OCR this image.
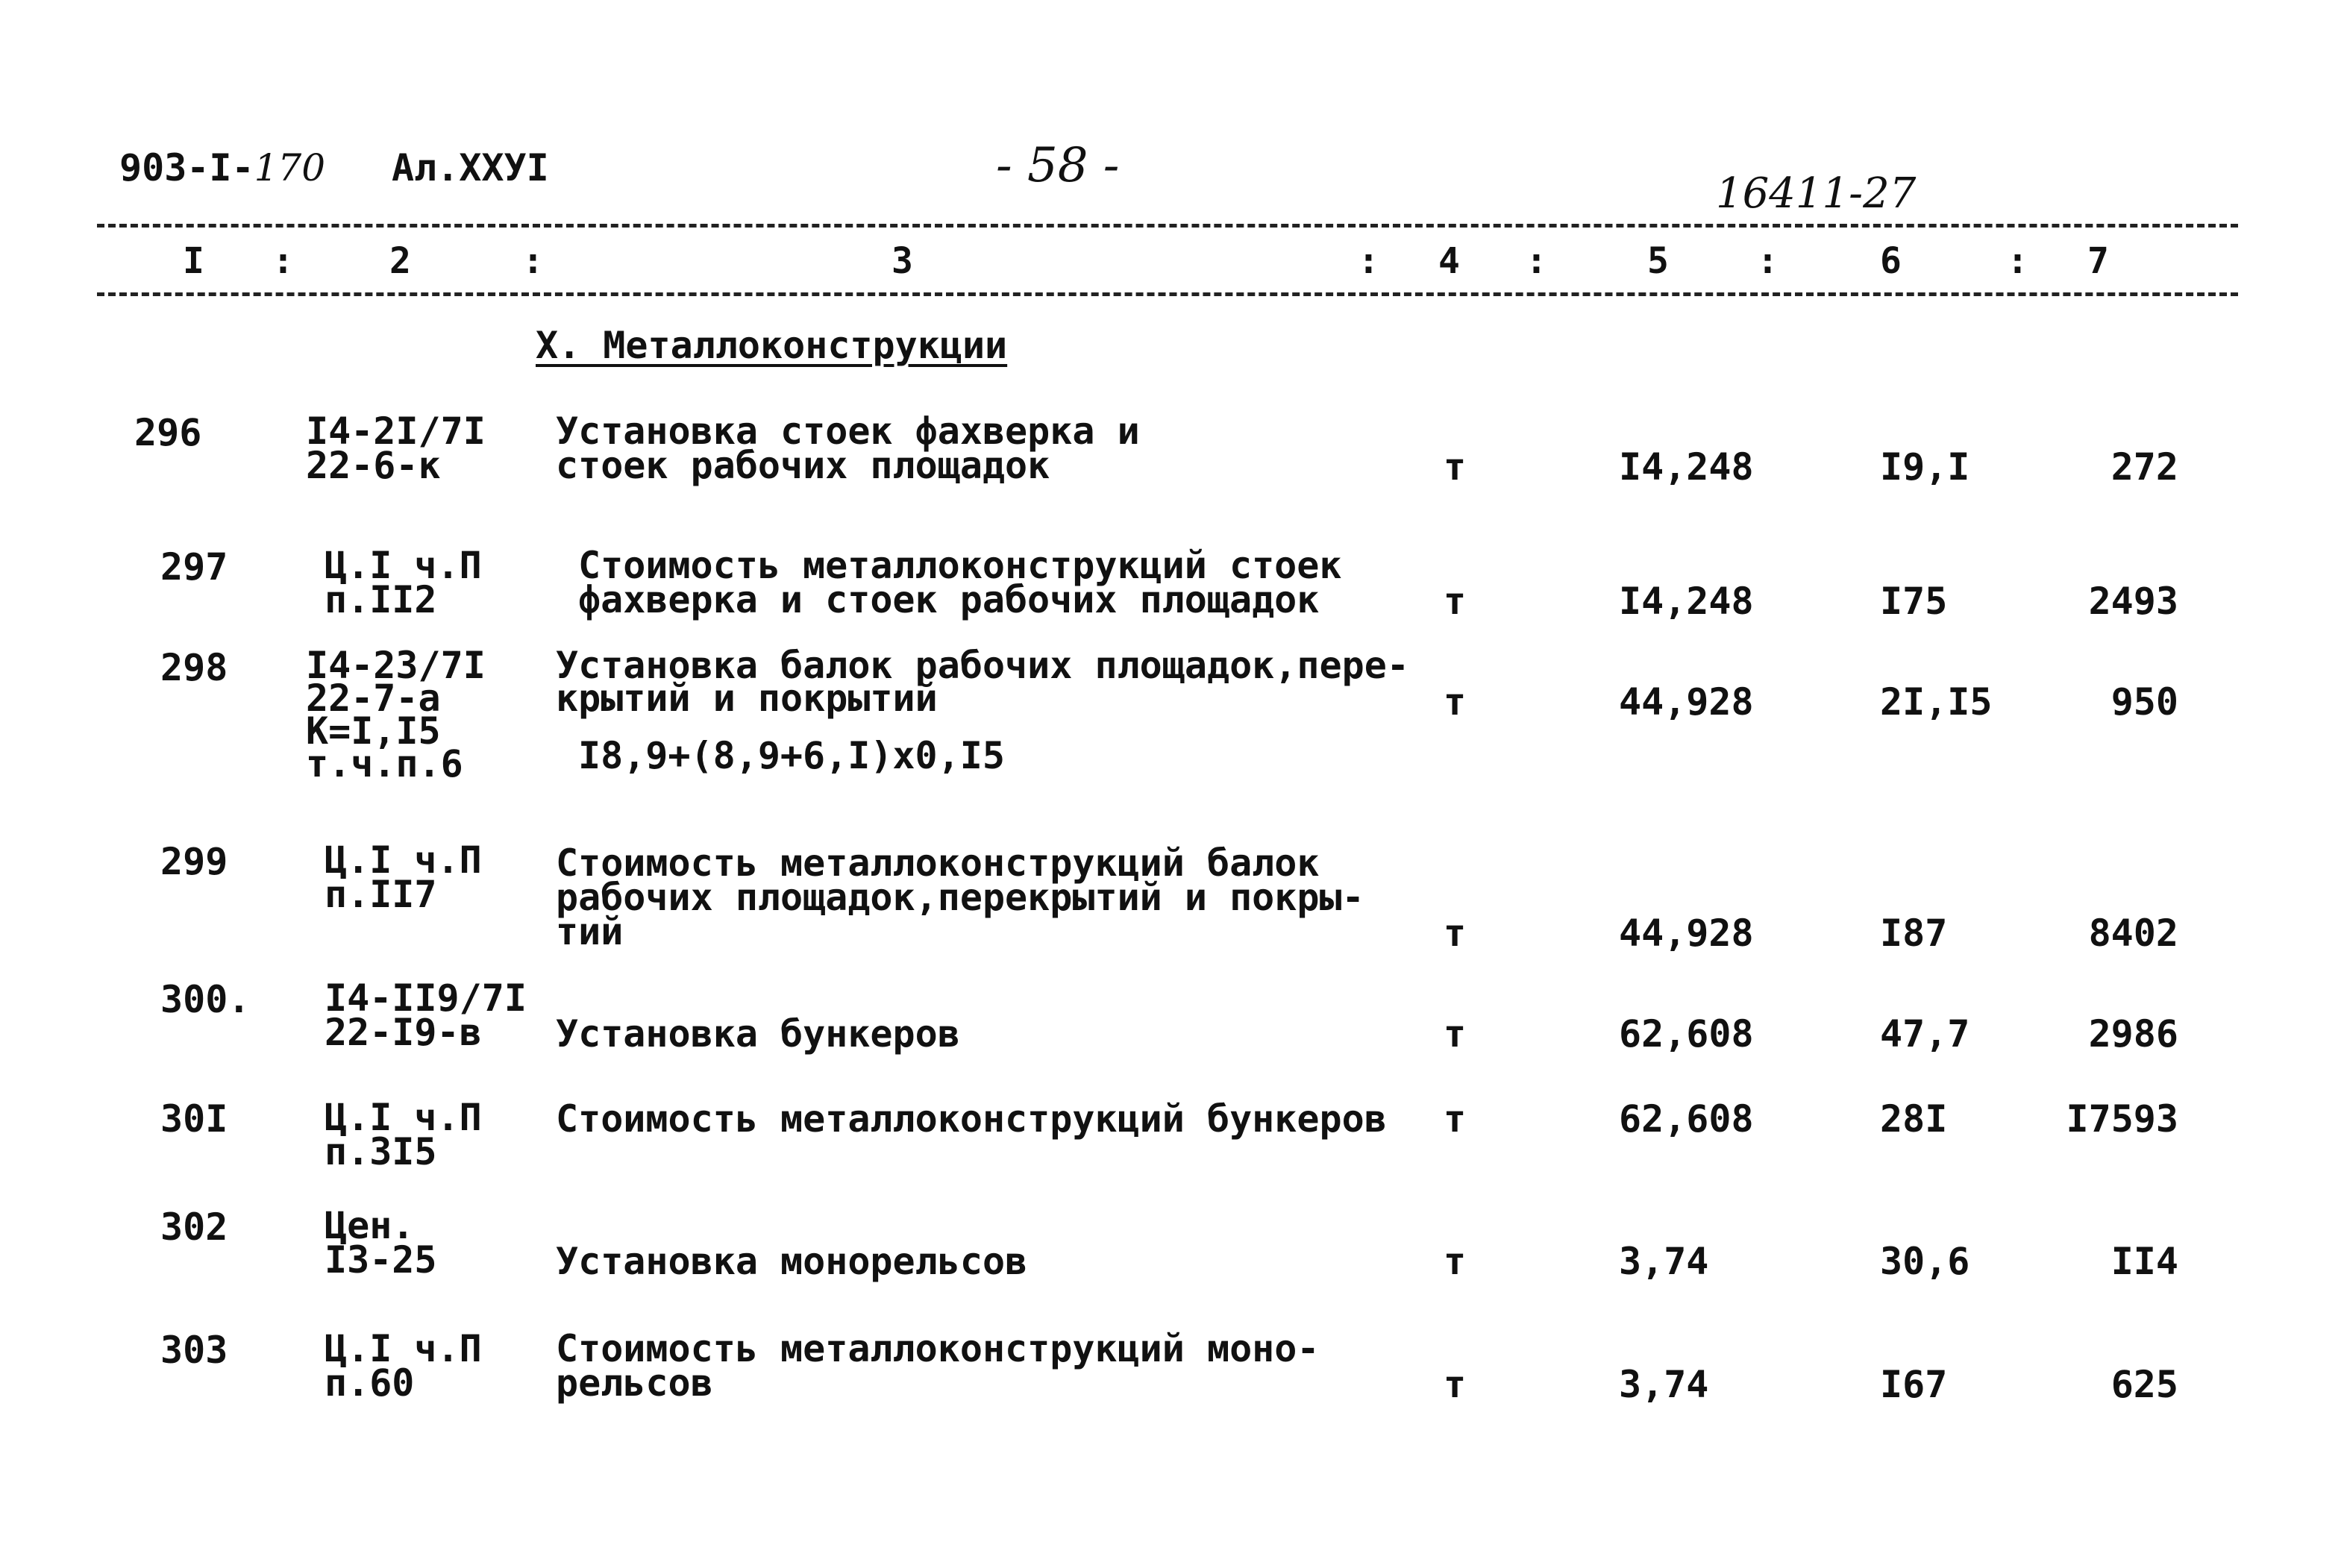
903-I-170 Ал.XXУI	- 58 -
16411-27
I :	2	:	3	: 4 :	5 :	6	: 7
X. Металлоконструкции
296	I4-2I/7I
22-6-к
Установка стоек фахверка и
стоек рабочих площадок	т	I4,248	I9,I	272
297	Ц.I ч.П
п.II2
Стоимость металлоконструкций стоек
фахверка и стоек рабочих площадок	т	I4,248	I75	2493
298	I4-23/7I
22-7-а
К=I,I5
т.ч.п.6
Установка балок рабочих площадок,пере-
крытий и покрытий
I8,9+(8,9+6,I)x0,I5
т	44,928	2I,I5	950
299	Ц.I ч.П
п.II7
Стоимость металлоконструкций балок
рабочих площадок,перекрытий и покры-
тий	т	44,928	I87	8402
300.	I4-II9/7I
22-I9-в	Установка бункеров	т	62,608	47,7	2986
30I	Ц.I ч.П
п.3I5
Стоимость металлоконструкций бункеров т	62,608	28I	I7593
302	Цен.
I3-25	Установка монорельсов	т	3,74	30,6	II4
303	Ц.I ч.П
п.60
Стоимость металлоконструкций моно-
рельсов	т	3,74	I67	625
